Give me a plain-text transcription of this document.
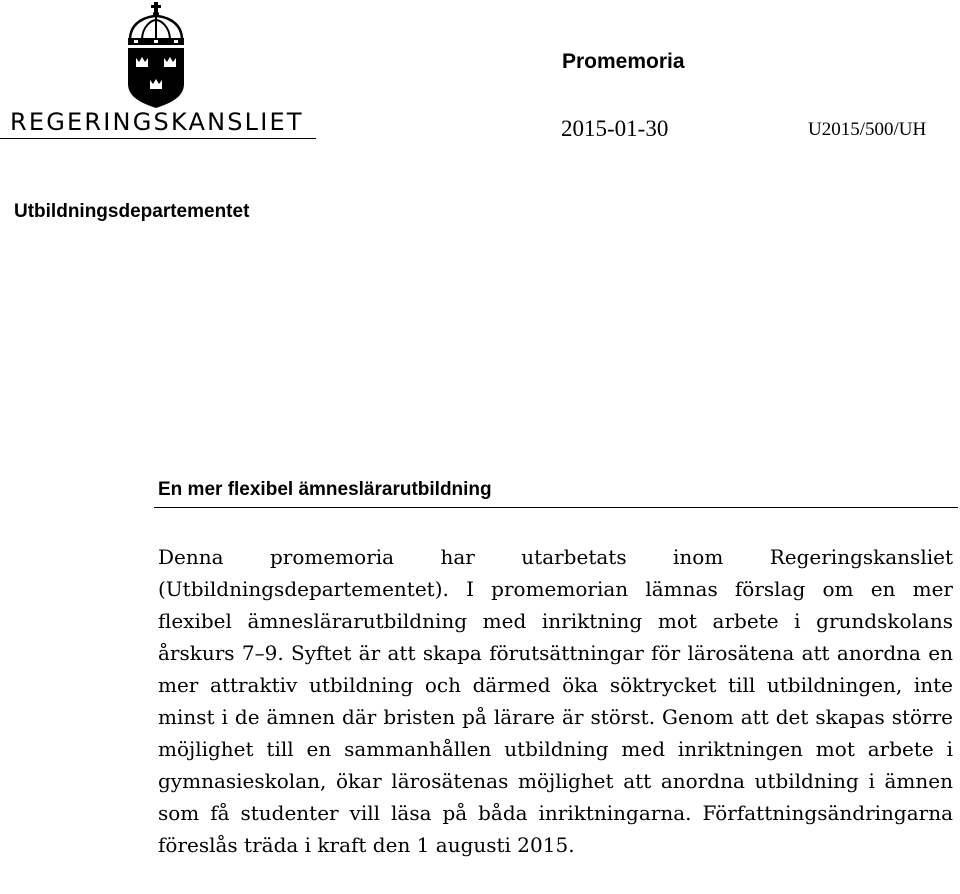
REGERINGSKANSLIET
Promemoria
2015-01-30	U2015/500/UH
Utbildningsdepartementet
En mer flexibel ämneslärarutbildning

Denna promemoria har utarbetats inom Regeringskansliet (Utbildningsdepartementet). I promemorian lämnas förslag om en mer flexibel ämneslärarutbildning med inriktning mot arbete i grundskolans årskurs 7–9. Syftet är att skapa förutsättningar för lärosätena att anordna en mer attraktiv utbildning och därmed öka söktrycket till utbildningen, inte minst i de ämnen där bristen på lärare är störst. Genom att det skapas större möjlighet till en sammanhållen utbildning med inriktningen mot arbete i gymnasieskolan, ökar lärosätenas möjlighet att anordna utbildning i ämnen som få studenter vill läsa på båda inriktningarna. Författningsändringarna föreslås träda i kraft den 1 augusti 2015.
